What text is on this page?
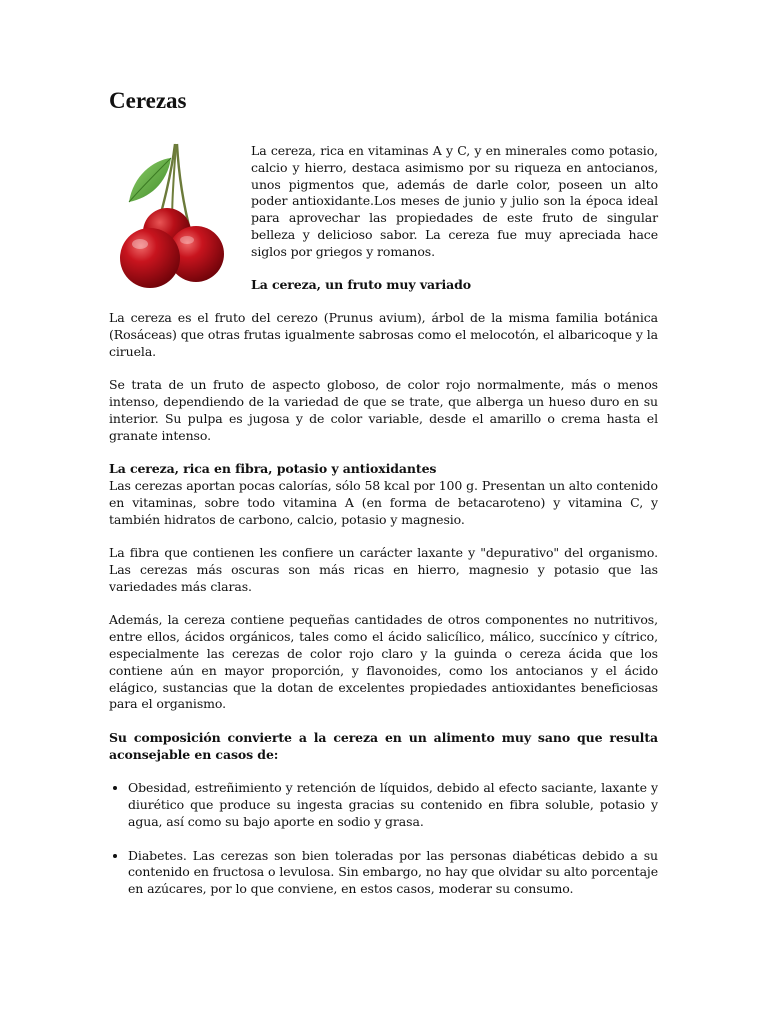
Cerezas

La cereza, rica en vitaminas A y C, y en minerales como potasio, calcio y hierro, destaca asimismo por su riqueza en antocianos, unos pigmentos que, además de darle color, poseen un alto poder antioxidante.Los meses de junio y julio son la época ideal para aprovechar las propiedades de este fruto de singular belleza y delicioso sabor. La cereza fue muy apreciada hace siglos por griegos y romanos.

La cereza, un fruto muy variado

La cereza es el fruto del cerezo (Prunus avium), árbol de la misma familia botánica (Rosáceas) que otras frutas igualmente sabrosas como el melocotón, el albaricoque y la ciruela.

Se trata de un fruto de aspecto globoso, de color rojo normalmente, más o menos intenso, dependiendo de la variedad de que se trate, que alberga un hueso duro en su interior. Su pulpa es jugosa y de color variable, desde el amarillo o crema hasta el granate intenso.

La cereza, rica en fibra, potasio y antioxidantes

Las cerezas aportan pocas calorías, sólo 58 kcal por 100 g. Presentan un alto contenido en vitaminas, sobre todo vitamina A (en forma de betacaroteno) y vitamina C, y también hidratos de carbono, calcio, potasio y magnesio.

La fibra que contienen les confiere un carácter laxante y "depurativo" del organismo. Las cerezas más oscuras son más ricas en hierro, magnesio y potasio que las variedades más claras.

Además, la cereza contiene pequeñas cantidades de otros componentes no nutritivos, entre ellos, ácidos orgánicos, tales como el ácido salicílico, málico, succínico y cítrico, especialmente las cerezas de color rojo claro y la guinda o cereza ácida que los contiene aún en mayor proporción, y flavonoides, como los antocianos y el ácido elágico, sustancias que la dotan de excelentes propiedades antioxidantes beneficiosas para el organismo.

Su composición convierte a la cereza en un alimento muy sano que resulta aconsejable en casos de:

• Obesidad, estreñimiento y retención de líquidos, debido al efecto saciante, laxante y diurético que produce su ingesta gracias su contenido en fibra soluble, potasio y agua, así como su bajo aporte en sodio y grasa.
• Diabetes. Las cerezas son bien toleradas por las personas diabéticas debido a su contenido en fructosa o levulosa. Sin embargo, no hay que olvidar su alto porcentaje en azúcares, por lo que conviene, en estos casos, moderar su consumo.
